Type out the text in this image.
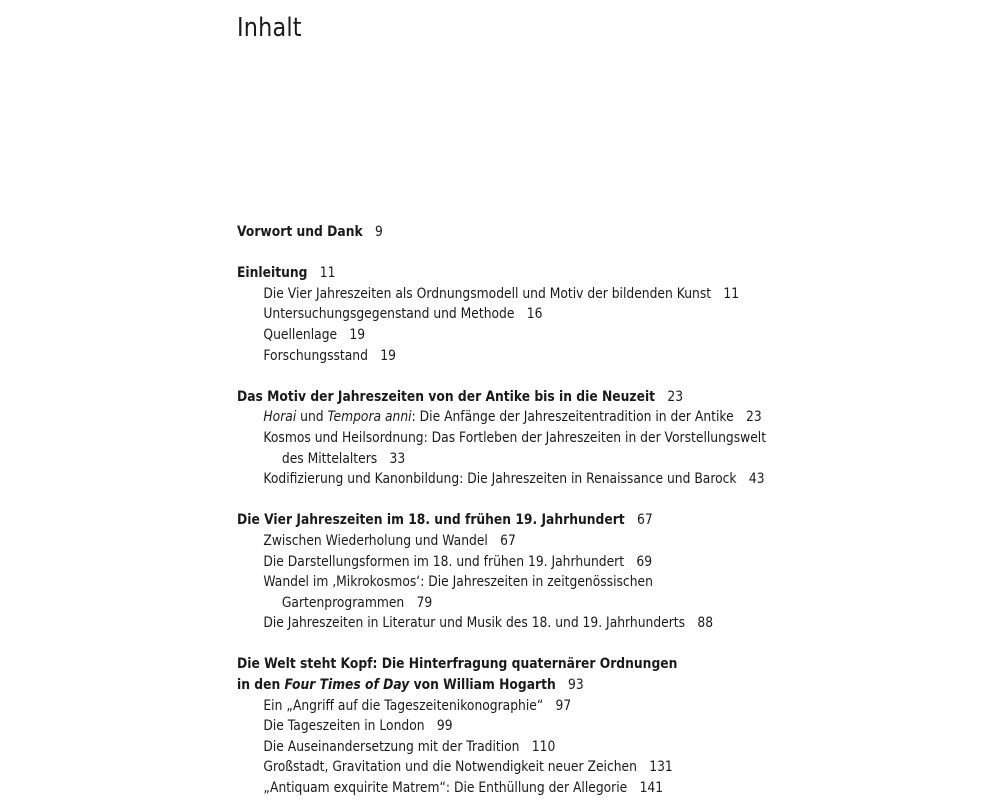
Inhalt
Vorwort und Dank 9
Einleitung 11
Die Vier Jahreszeiten als Ordnungsmodell und Motiv der bildenden Kunst 11
Untersuchungsgegenstand und Methode 16
Quellenlage 19
Forschungsstand 19
Das Motiv der Jahreszeiten von der Antike bis in die Neuzeit 23
Horai und Tempora anni: Die Anfänge der Jahreszeitentradition in der Antike 23
Kosmos und Heilsordnung: Das Fortleben der Jahreszeiten in der Vorstellungswelt
des Mittelalters 33
Kodifizierung und Kanonbildung: Die Jahreszeiten in Renaissance und Barock 43
Die Vier Jahreszeiten im 18. und frühen 19. Jahrhundert 67
Zwischen Wiederholung und Wandel 67
Die Darstellungsformen im 18. und frühen 19. Jahrhundert 69
Wandel im ‚Mikrokosmos‘: Die Jahreszeiten in zeitgenössischen
Gartenprogrammen 79
Die Jahreszeiten in Literatur und Musik des 18. und 19. Jahrhunderts 88
Die Welt steht Kopf: Die Hinterfragung quaternärer Ordnungen
in den Four Times of Day von William Hogarth 93
Ein „Angriff auf die Tageszeitenikonographie“ 97
Die Tageszeiten in London 99
Die Auseinandersetzung mit der Tradition 110
Großstadt, Gravitation und die Notwendigkeit neuer Zeichen 131
„Antiquam exquirite Matrem“: Die Enthüllung der Allegorie 141
